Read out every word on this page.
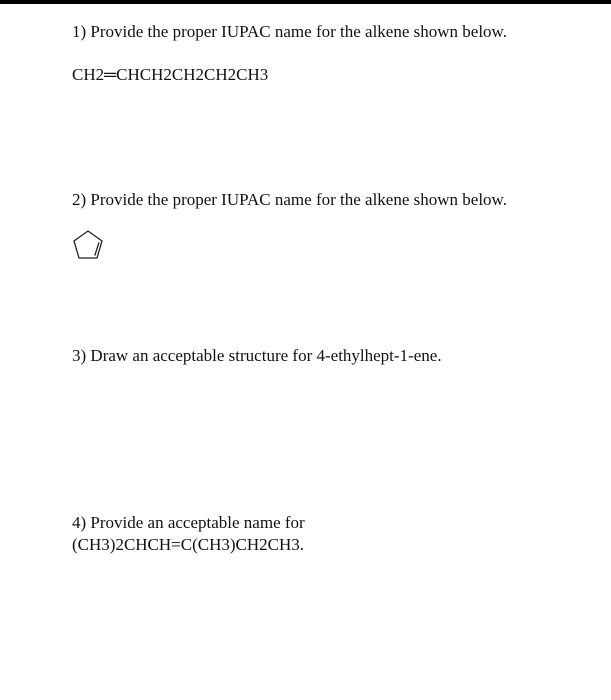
1) Provide the proper IUPAC name for the alkene shown below.
CH2═CHCH2CH2CH2CH3
2) Provide the proper IUPAC name for the alkene shown below.
3) Draw an acceptable structure for 4-ethylhept-1-ene.
4) Provide an acceptable name for
(CH3)2CHCH=C(CH3)CH2CH3.
